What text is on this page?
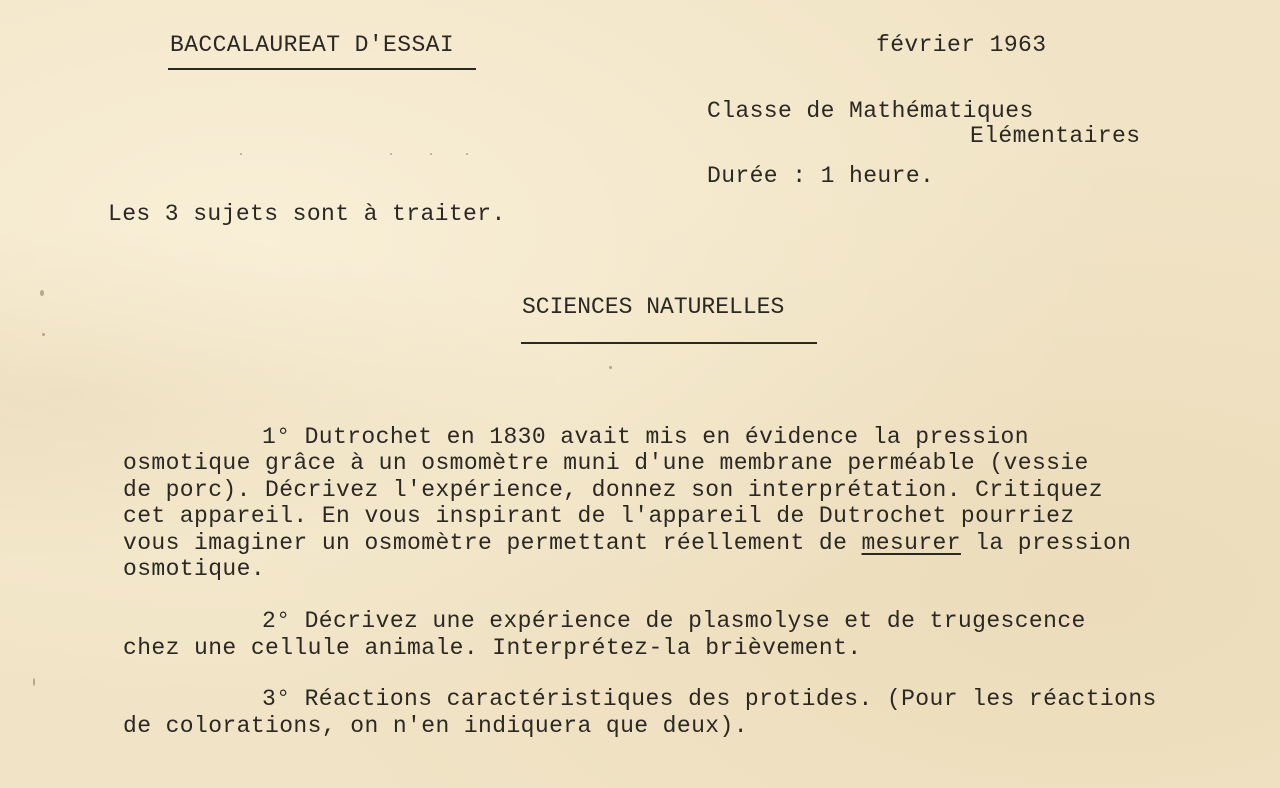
BACCALAUREAT D'ESSAI	février 1963
Classe de Mathématiques
Elémentaires
Durée : 1 heure.
Les 3 sujets sont à traiter.
SCIENCES NATURELLES
1° Dutrochet en 1830 avait mis en évidence la pression
osmotique grâce à un osmomètre muni d'une membrane perméable (vessie
de porc). Décrivez l'expérience, donnez son interprétation. Critiquez
cet appareil. En vous inspirant de l'appareil de Dutrochet pourriez
vous imaginer un osmomètre permettant réellement de mesurer la pression
osmotique.
2° Décrivez une expérience de plasmolyse et de trugescence
chez une cellule animale. Interprétez-la brièvement.
3° Réactions caractéristiques des protides. (Pour les réactions
de colorations, on n'en indiquera que deux).
